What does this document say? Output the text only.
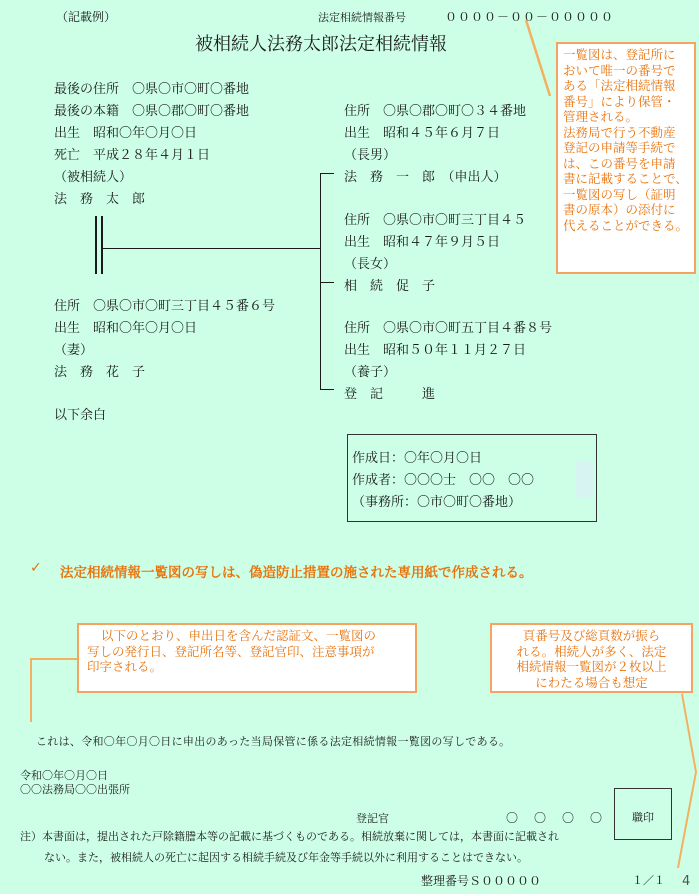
（記載例）	法定相続情報番号	００００－００－０００００
被相続人法務太郎法定相続情報
最後の住所　〇県〇市〇町〇番地
最後の本籍　〇県〇郡〇町〇番地
出生　昭和〇年〇月〇日
死亡　平成２８年４月１日
（被相続人）
法　務　太　郎
住所　〇県〇市〇町三丁目４５番６号
出生　昭和〇年〇月〇日
（妻）
法　務　花　子
住所　〇県〇郡〇町〇３４番地
出生　昭和４５年６月７日
（長男）
法　務　一　郎　（申出人）
住所　〇県〇市〇町三丁目４５
出生　昭和４７年９月５日
（長女）
相　続　促　子
住所　〇県〇市〇町五丁目４番８号
出生　昭和５０年１１月２７日
（養子）
登　記　　　進
以下余白
作成日：〇年〇月〇日
作成者：〇〇〇士　〇〇　〇〇
（事務所：〇市〇町〇番地）
一覧図は、登記所に
おいて唯一の番号で
ある「法定相続情報
番号」により保管・
管理される。
法務局で行う不動産
登記の申請等手続で
は、この番号を申請
書に記載することで、
一覧図の写し（証明
書の原本）の添付に
代えることができる。
✓ 法定相続情報一覧図の写しは、偽造防止措置の施された専用紙で作成される。
以下のとおり、申出日を含んだ認証文、一覧図の
写しの発行日、登記所名等、登記官印、注意事項が
印字される。
頁番号及び総頁数が振ら
れる。相続人が多く、法定
相続情報一覧図が２枚以上
にわたる場合も想定
これは、令和〇年〇月〇日に申出のあった当局保管に係る法定相続情報一覧図の写しである。
令和〇年〇月〇日
〇〇法務局〇〇出張所
登記官	〇　〇　〇　〇	職印
注）本書面は，提出された戸除籍謄本等の記載に基づくものである。相続放棄に関しては，本書面に記載され
ない。また，被相続人の死亡に起因する相続手続及び年金等手続以外に利用することはできない。
整理番号Ｓ０００００	１／１ 4
